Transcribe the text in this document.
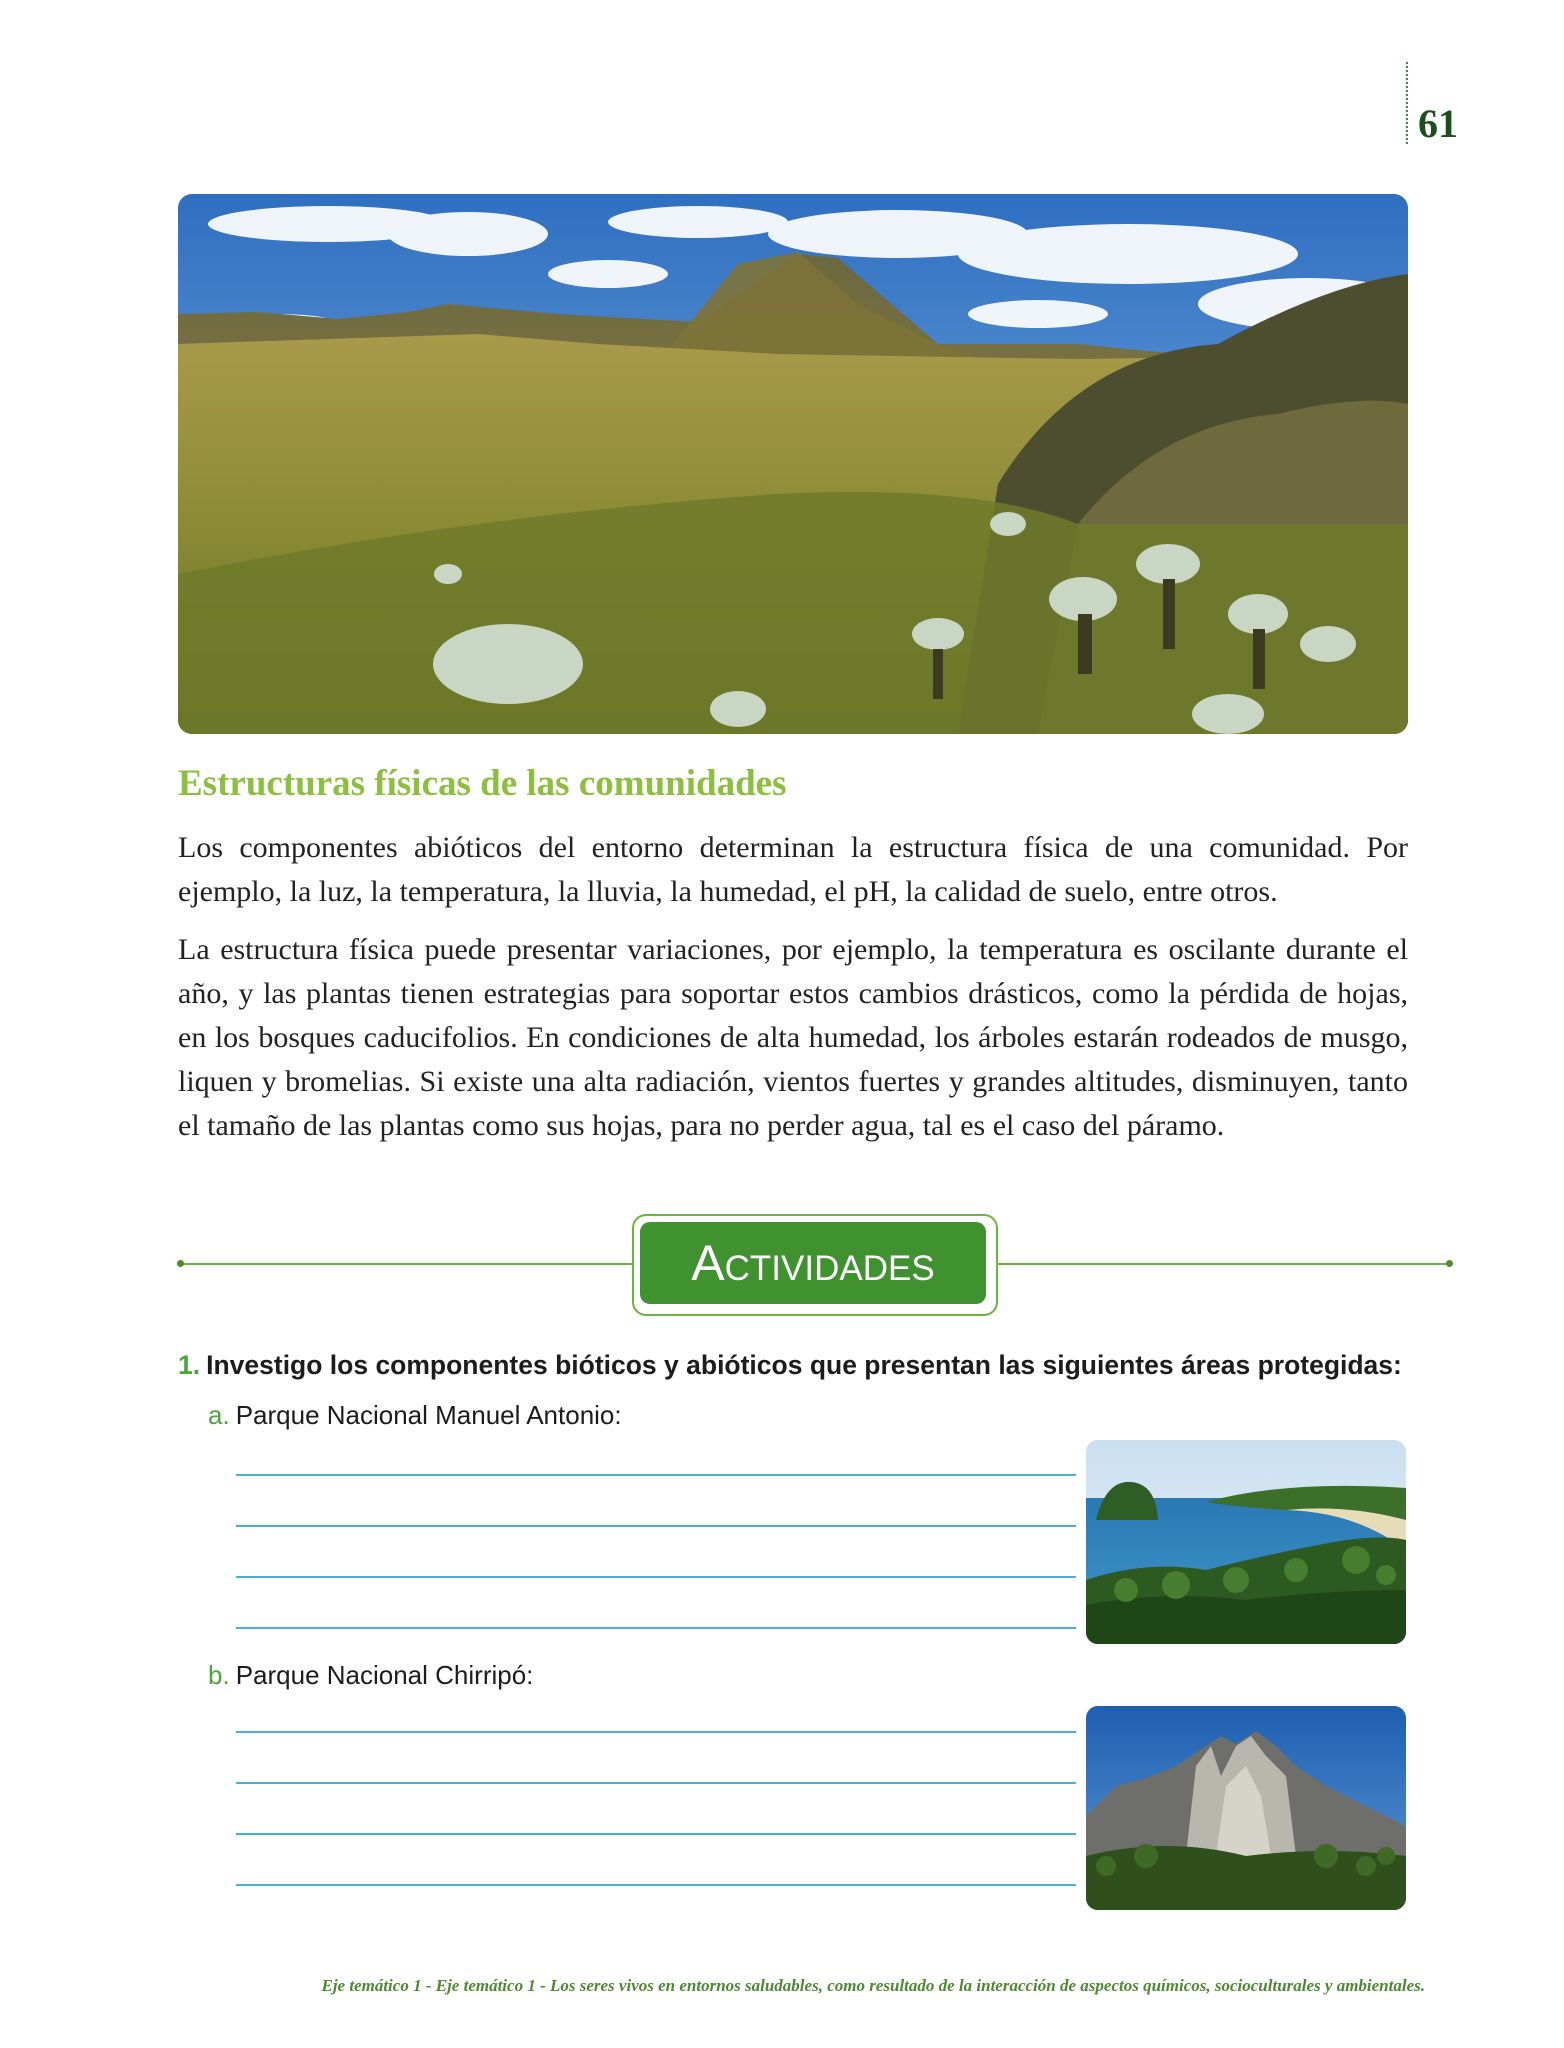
61
Estructuras físicas de las comunidades

Los componentes abióticos del entorno determinan la estructura física de una comunidad. Por ejemplo, la luz, la temperatura, la lluvia, la humedad, el pH, la calidad de suelo, entre otros.

La estructura física puede presentar variaciones, por ejemplo, la temperatura es oscilante durante el año, y las plantas tienen estrategias para soportar estos cambios drásticos, como la pérdida de hojas, en los bosques caducifolios. En condiciones de alta humedad, los árboles estarán rodeados de musgo, liquen y bromelias. Si existe una alta radiación, vientos fuertes y grandes altitudes, disminuyen, tanto el tamaño de las plantas como sus hojas, para no perder agua, tal es el caso del páramo.

Actividades
1. Investigo los componentes bióticos y abióticos que presentan las siguientes áreas protegidas:
a. Parque Nacional Manuel Antonio:
b. Parque Nacional Chirripó:
Eje temático 1 - Eje temático 1 - Los seres vivos en entornos saludables, como resultado de la interacción de aspectos químicos, socioculturales y ambientales.
